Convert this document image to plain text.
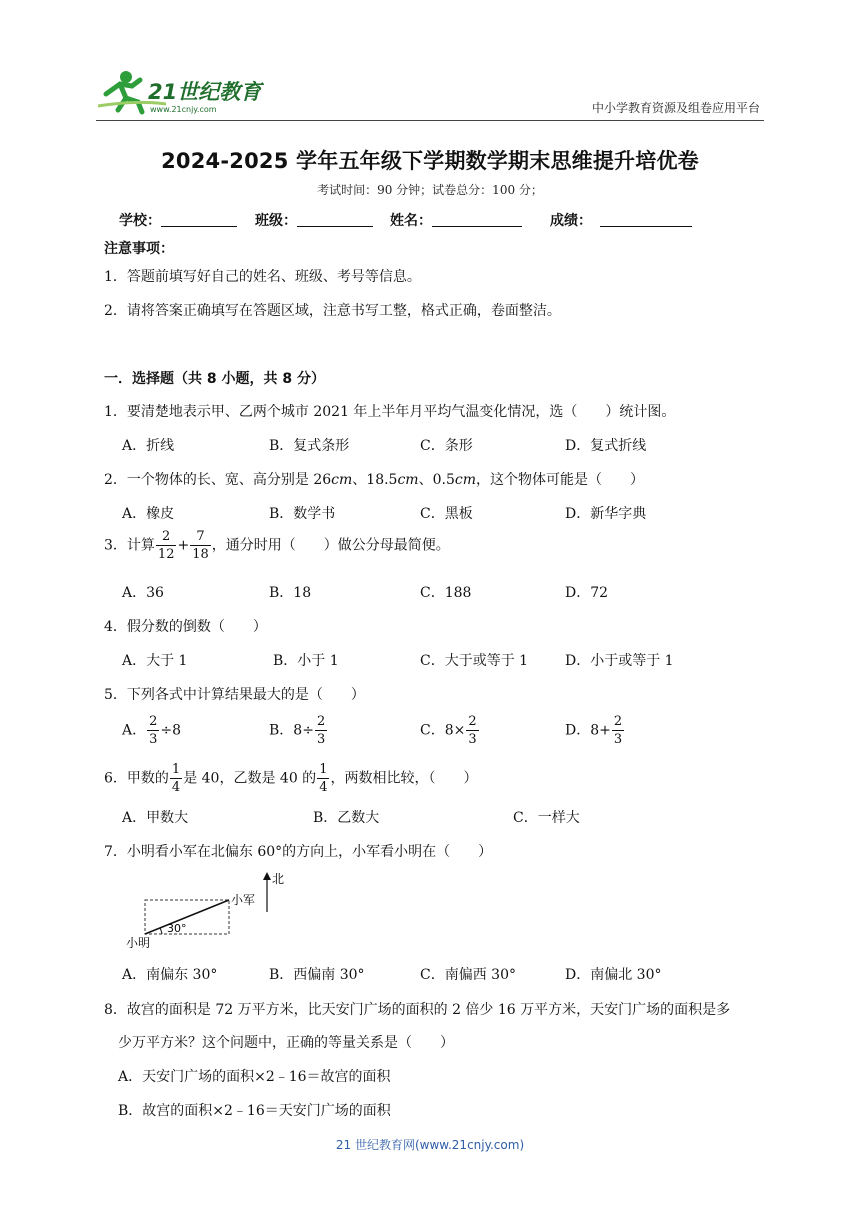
21世纪教育
www.21cnjy.com	中小学教育资源及组卷应用平台
2024-2025 学年五年级下学期数学期末思维提升培优卷
考试时间：90 分钟；试卷总分：100 分；
学校：	班级：	姓名：	成绩：
注意事项：
1．答题前填写好自己的姓名、班级、考号等信息。
2．请将答案正确填写在答题区域，注意书写工整，格式正确，卷面整洁。
一．选择题（共 8 小题，共 8 分）
1．要清楚地表示甲、乙两个城市 2021 年上半年月平均气温变化情况，选（　　）统计图。
A．折线	B．复式条形	C．条形	D．复式折线
2．一个物体的长、宽、高分别是 26cm、18.5cm、0.5cm，这个物体可能是（　　）
A．橡皮	B．数学书	C．黑板	D．新华字典
3．计算 $\frac{2}{12} + \frac{7}{18}$ ，通分时用（　　）做公分母最简便。
A．36	B．18	C．188	D．72
4．假分数的倒数（　　）
A．大于 1	B．小于 1	C．大于或等于 1	D．小于或等于 1
5．下列各式中计算结果最大的是（　　）
A． $\frac{2}{3} \div 8$	B．$8\div \frac{2}{3}$	C．$8\times \frac{2}{3}$	D．$8+ \frac{2}{3}$
6．甲数的 $\frac{1}{4}$ 是 40，乙数是 40 的 $\frac{1}{4}$ ，两数相比较，（　　）
A．甲数大	B．乙数大	C．一样大
7．小明看小军在北偏东 60°的方向上，小军看小明在（　　）
北
小军
小明
30°
A．南偏东 30°	B．西偏南 30°	C．南偏西 30°	D．南偏北 30°
8．故宫的面积是 72 万平方米，比天安门广场的面积的 2 倍少 16 万平方米，天安门广场的面积是多
少万平方米？这个问题中，正确的等量关系是（　　）
A．天安门广场的面积×2﹣16＝故宫的面积
B．故宫的面积×2﹣16＝天安门广场的面积
21 世纪教育网(www.21cnjy.com)
